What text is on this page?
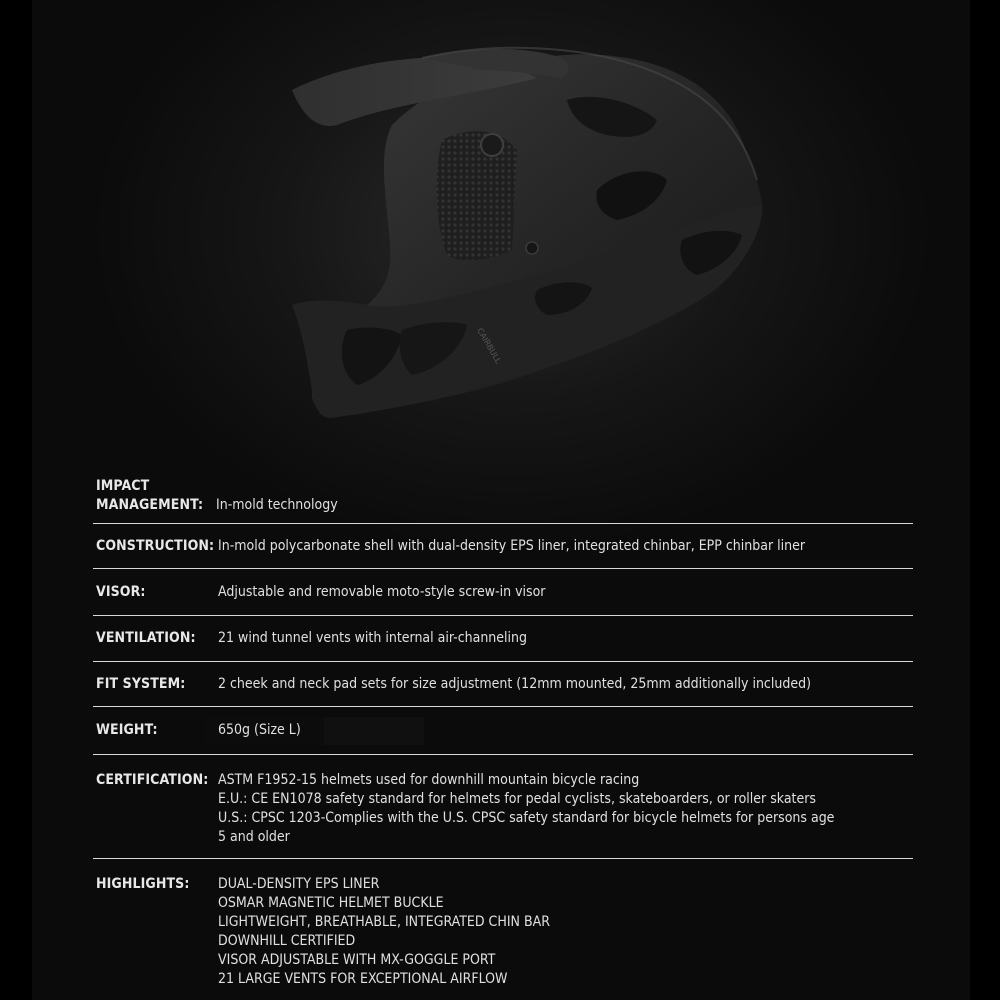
CAIRBULL
IMPACT
MANAGEMENT: In-mold technology
CONSTRUCTION: In-mold polycarbonate shell with dual-density EPS liner, integrated chinbar, EPP chinbar liner
VISOR:	Adjustable and removable moto-style screw-in visor
VENTILATION:	21 wind tunnel vents with internal air-channeling
FIT SYSTEM:	2 cheek and neck pad sets for size adjustment (12mm mounted, 25mm additionally included)
WEIGHT:	650g (Size L)
CERTIFICATION: ASTM F1952-15 helmets used for downhill mountain bicycle racing
E.U.: CE EN1078 safety standard for helmets for pedal cyclists, skateboarders, or roller skaters
U.S.: CPSC 1203-Complies with the U.S. CPSC safety standard for bicycle helmets for persons age
5 and older
HIGHLIGHTS:	DUAL-DENSITY EPS LINER
OSMAR MAGNETIC HELMET BUCKLE
LIGHTWEIGHT, BREATHABLE, INTEGRATED CHIN BAR
DOWNHILL CERTIFIED
VISOR ADJUSTABLE WITH MX-GOGGLE PORT
21 LARGE VENTS FOR EXCEPTIONAL AIRFLOW
